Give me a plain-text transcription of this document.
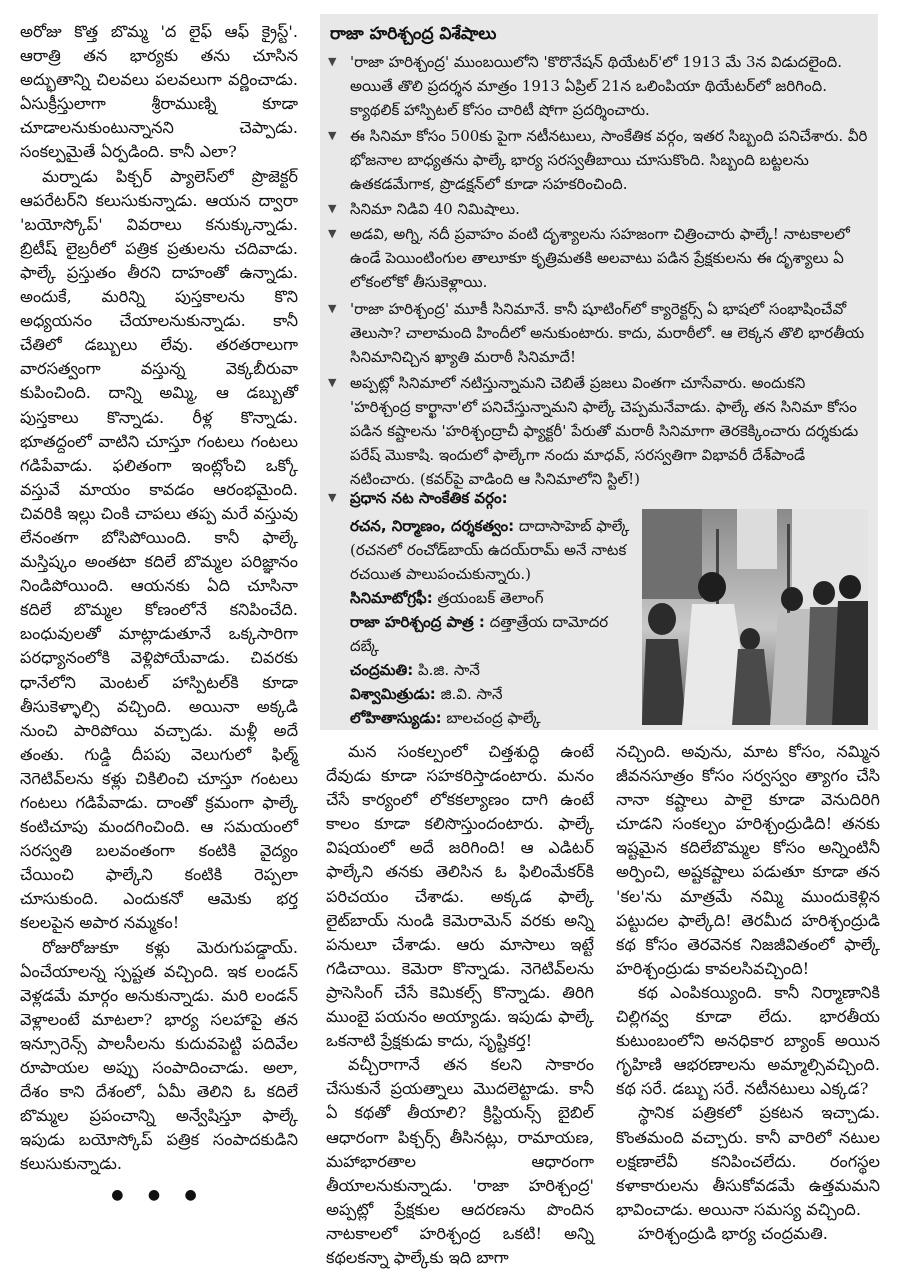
అరోజు కొత్త బొమ్మ 'ద లైఫ్ ఆఫ్ క్రైస్ట్'. ఆరాత్రి తన భార్యకు తను చూసిన అద్భుతాన్ని చిలవలు పలవలుగా వర్ణించాడు. ఏసుక్రీస్తులాగా శ్రీరాముణ్ని కూడా చూడాలనుకుంటున్నానని చెప్పాడు. సంకల్పమైతే ఏర్పడింది. కానీ ఎలా?

మర్నాడు పిక్చర్ ప్యాలెస్‌లో ప్రొజెక్టర్ ఆపరేటర్‌ని కలుసుకున్నాడు. ఆయన ద్వారా 'బయోస్కోప్' వివరాలు కనుక్కున్నాడు. బ్రిటీష్ లైబ్రరీలో పత్రిక ప్రతులను చదివాడు. ఫాల్కే ప్రస్తుతం తీరని దాహంతో ఉన్నాడు. అందుకే, మరిన్ని పుస్తకాలను కొని అధ్యయనం చేయాలనుకున్నాడు. కానీ చేతిలో డబ్బులు లేవు. తరతరాలుగా వారసత్వంగా వస్తున్న వెక్కబీరువా కుపించింది. దాన్ని అమ్మి, ఆ డబ్బుతో పుస్తకాలు కొన్నాడు. రీళ్ల కొన్నాడు. భూతద్దంలో వాటిని చూస్తూ గంటలు గంటలు గడిపేవాడు. ఫలితంగా ఇంట్లోంచి ఒక్కో వస్తువే మాయం కావడం ఆరంభమైంది. చివరికి ఇల్లు చింకి చాపలు తప్ప మరే వస్తువు లేనంతగా బోసిపోయింది. కానీ ఫాల్కే మస్తిష్కం అంతటా కదిలే బొమ్మల పరిజ్ఞానం నిండిపోయింది. ఆయనకు ఏది చూసినా కదిలే బొమ్మల కోణంలోనే కనిపించేది. బంధువులతో మాట్లాడుతూనే ఒక్కసారిగా పరధ్యానంలోకి వెళ్లిపోయేవాడు. చివరకు ధానేలోని మెంటల్ హాస్పిటల్‌కి కూడా తీసుకెళ్ళాల్సి వచ్చింది. అయినా అక్కడి నుంచి పారిపోయి వచ్చాడు. మళ్లీ అదే తంతు. గుడ్డి దీపపు వెలుగులో ఫిల్మ్ నెగెటివ్‌లను కళ్లు చికిలించి చూస్తూ గంటలు గంటలు గడిపేవాడు. దాంతో క్రమంగా ఫాల్కే కంటిచూపు మందగించింది. ఆ సమయంలో సరస్వతి బలవంతంగా కంటికి వైద్యం చేయించి ఫాల్కేని కంటికి రెప్పలా చూసుకుంది. ఎందుకనో ఆమెకు భర్త కలలపైన అపార నమ్మకం!

రోజురోజుకూ కళ్లు మెరుగుపడ్డాయ్. ఏంచేయాలన్న స్పష్టత వచ్చింది. ఇక లండన్ వెళ్లడమే మార్గం అనుకున్నాడు. మరి లండన్ వెళ్లాలంటే మాటలా? భార్య సలహాపై తన ఇన్సూరెన్స్ పాలసీలను కుదువపెట్టి పదివేల రూపాయల అప్పు సంపాదించాడు. అలా, దేశం కాని దేశంలో, ఏమీ తెలిని ఓ కదిలే బొమ్మల ప్రపంచాన్ని అన్వేషిస్తూ ఫాల్కే ఇపుడు బయోస్కోప్ పత్రిక సంపాదకుడిని కలుసుకున్నాడు.

● ● ●
రాజా హరిశ్చంద్ర విశేషాలు
▼ 'రాజా హరిశ్చంద్ర' ముంబయిలోని 'కొరొనేషన్ థియేటర్'లో 1913 మే 3న విడుదలైంది. అయితే తొలి ప్రదర్శన మాత్రం 1913 ఏప్రిల్ 21న ఒలింపియా థియేటర్‌లో జరిగింది. క్యాథలిక్ హాస్పిటల్ కోసం చారిటీ షోగా ప్రదర్శించారు.
▼ ఈ సినిమా కోసం 500కు పైగా నటీనటులు, సాంకేతిక వర్గం, ఇతర సిబ్బంది పనిచేశారు. వీరి భోజనాల బాధ్యతను ఫాల్కే భార్య సరస్వతీబాయి చూసుకొంది. సిబ్బంది బట్టలను ఉతకడమేగాక, ప్రొడక్షన్‌లో కూడా సహకరించింది.
▼ సినిమా నిడివి 40 నిమిషాలు.
▼ అడవి, అగ్ని, నదీ ప్రవాహం వంటి దృశ్యాలను సహజంగా చిత్రించారు ఫాల్కే! నాటకాలలో ఉండే పెయింటింగుల తాలూకూ కృత్రిమతకి అలవాటు పడిన ప్రేక్షకులను ఈ దృశ్యాలు ఏ లోకంలోకో తీసుకెళ్లాయి.
▼ 'రాజా హరిశ్చంద్ర' మూకీ సినిమానే. కానీ షూటింగ్‌లో క్యారెక్టర్స్ ఏ భాషలో సంభాషించేవో తెలుసా? చాలామంది హిందీలో అనుకుంటారు. కాదు, మరాఠీలో. ఆ లెక్కన తొలి భారతీయ సినిమానిచ్చిన ఖ్యాతి మరాఠీ సినిమాదే!
▼ అప్పట్లో సినిమాలో నటిస్తున్నామని చెబితే ప్రజలు వింతగా చూసేవారు. అందుకని 'హరిశ్చంద్ర కార్ఖానా'లో పనిచేస్తున్నామని ఫాల్కే చెప్పమనేవాడు. ఫాల్కే తన సినిమా కోసం పడిన కష్టాలను 'హరిశ్చంద్రాచీ ఫ్యాక్టరీ' పేరుతో మరాఠీ సినిమాగా తెరకెక్కించారు దర్శకుడు పరేష్ మొకాషి. ఇందులో ఫాల్కేగా నందు మాధవ్, సరస్వతిగా విభావరీ దేశ్‌పాండే నటించారు. (కవర్‌పై వాడింది ఆ సినిమాలోని స్టిల్!)
▼ ప్రధాన నట సాంకేతిక వర్గం:
రచన, నిర్మాణం, దర్శకత్వం: దాదాసాహెబ్ ఫాల్కే (రచనలో రంచోడ్‌బాయ్ ఉదయ్‌రామ్ అనే నాటక రచయిత పాలుపంచుకున్నారు.)
సినిమాటోగ్రఫీ: త్రయంబక్ తెలాంగ్
రాజా హరిశ్చంద్ర పాత్ర : దత్తాత్రేయ దామోదర దబ్కే
చంద్రమతి: పి.జి. సానే
విశ్వామిత్రుడు: జి.వి. సానే
లోహితాస్యుడు: బాలచంద్ర ఫాల్కే

మన సంకల్పంలో చిత్తశుద్ధి ఉంటే దేవుడు కూడా సహకరిస్తాడంటారు. మనం చేసే కార్యంలో లోకకల్యాణం దాగి ఉంటే కాలం కూడా కలిసొస్తుందంటారు. ఫాల్కే విషయంలో అదే జరిగింది! ఆ ఎడిటర్ ఫాల్కేని తనకు తెలిసిన ఓ ఫిలింమేకర్‌కి పరిచయం చేశాడు. అక్కడ ఫాల్కే లైట్‌బాయ్ నుండి కెమెరామెన్ వరకు అన్ని పనులూ చేశాడు. ఆరు మాసాలు ఇట్టే గడిచాయి. కెమెరా కొన్నాడు. నెగెటివ్‌లను ప్రాసెసింగ్ చేసే కెమికల్స్ కొన్నాడు. తిరిగి ముంబై పయనం అయ్యాడు. ఇపుడు ఫాల్కే ఒకనాటి ప్రేక్షకుడు కాదు, సృష్టికర్త!

వచ్చీరాగానే తన కలని సాకారం చేసుకునే ప్రయత్నాలు మొదలెట్టాడు. కానీ ఏ కథతో తీయాలి? క్రిస్టియన్స్ బైబిల్ ఆధారంగా పిక్చర్స్ తీసినట్లు, రామాయణ, మహాభారతాల ఆధారంగా తీయాలనుకున్నాడు. 'రాజా హరిశ్చంద్ర' అప్పట్లో ప్రేక్షకుల ఆదరణను పొందిన నాటకాలలో హరిశ్చంద్ర ఒకటి! అన్ని కథలకన్నా ఫాల్కేకు ఇది బాగా

నచ్చింది. అవును, మాట కోసం, నమ్మిన జీవనసూత్రం కోసం సర్వస్వం త్యాగం చేసి నానా కష్టాలు పాలై కూడా వెనుదిరిగి చూడని సంకల్పం హరిశ్చంద్రుడిది! తనకు ఇష్టమైన కదిలేబొమ్మల కోసం అన్నింటినీ అర్పించి, అష్టకష్టాలు పడుతూ కూడా తన 'కల'ను మాత్రమే నమ్మి ముందుకెళ్లిన పట్టుదల ఫాల్కేది! తెరమీద హరిశ్చంద్రుడి కథ కోసం తెరవెనక నిజజీవితంలో ఫాల్కే హరిశ్చంద్రుడు కావలసివచ్చింది!

కథ ఎంపికయ్యింది. కానీ నిర్మాణానికి చిల్లిగవ్వ కూడా లేదు. భారతీయ కుటుంబంలోని అనధికార బ్యాంక్ అయిన గృహిణి ఆభరణాలను అమ్మాల్సివచ్చింది. కథ సరే. డబ్బు సరే. నటీనటులు ఎక్కడ?

స్థానిక పత్రికలో ప్రకటన ఇచ్చాడు. కొంతమంది వచ్చారు. కానీ వారిలో నటుల లక్షణాలేవీ కనిపించలేదు. రంగస్థల కళాకారులను తీసుకోవడమే ఉత్తమమని భావించాడు. అయినా సమస్య వచ్చింది.

హరిశ్చంద్రుడి భార్య చంద్రమతి.
